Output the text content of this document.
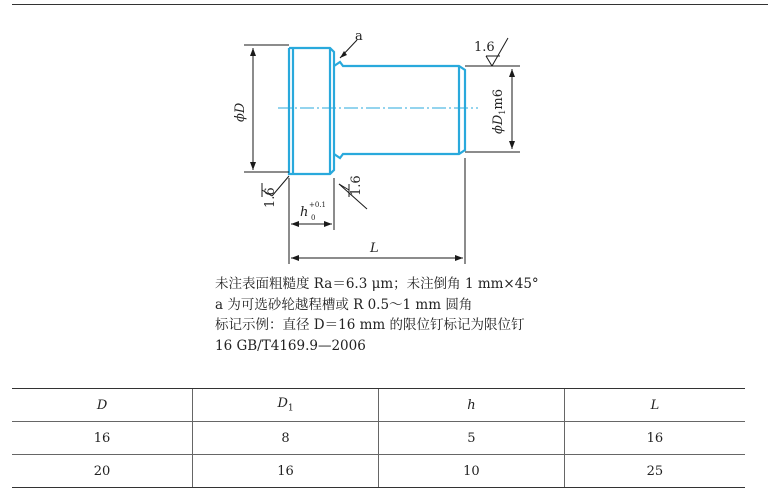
a
1.6
1.6
1.6
ϕD
$\phi D_1m6$
h +0.1
0
L
未注表面粗糙度 Ra＝6.3 μm；未注倒角 1 mm×45°
a 为可选砂轮越程槽或 R 0.5～1 mm 圆角
标记示例：直径 D＝16 mm 的限位钉标记为限位钉
16 GB/T4169.9—2006
D	$D_1$	h	L
16	8	5	16
20	16	10	25
